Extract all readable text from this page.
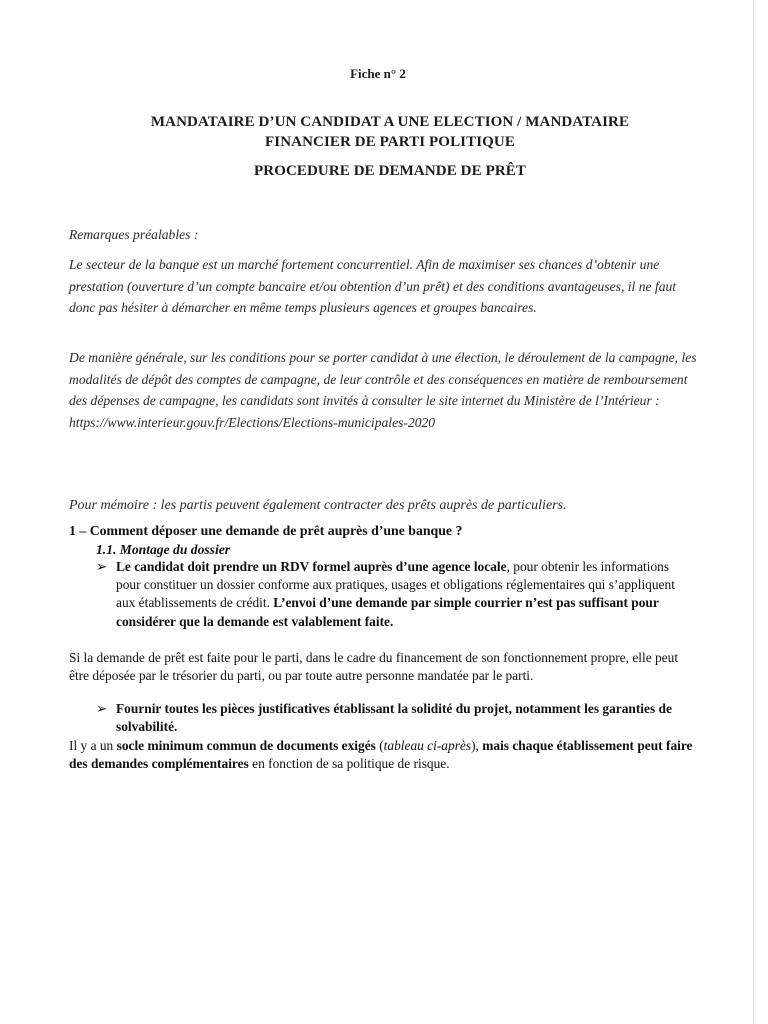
Fiche n° 2
MANDATAIRE D’UN CANDIDAT A UNE ELECTION / MANDATAIRE
FINANCIER DE PARTI POLITIQUE
PROCEDURE DE DEMANDE DE PRÊT
Remarques préalables :
Le secteur de la banque est un marché fortement concurrentiel. Afin de maximiser ses chances d’obtenir une prestation (ouverture d’un compte bancaire et/ou obtention d’un prêt) et des conditions avantageuses, il ne faut donc pas hésiter à démarcher en même temps plusieurs agences et groupes bancaires.
De manière générale, sur les conditions pour se porter candidat à une élection, le déroulement de la campagne, les modalités de dépôt des comptes de campagne, de leur contrôle et des conséquences en matière de remboursement des dépenses de campagne, les candidats sont invités à consulter le site internet du Ministère de l’Intérieur : https://www.interieur.gouv.fr/Elections/Elections-municipales-2020
Pour mémoire : les partis peuvent également contracter des prêts auprès de particuliers.
1 – Comment déposer une demande de prêt auprès d’une banque ?
1.1. Montage du dossier
➢ Le candidat doit prendre un RDV formel auprès d’une agence locale, pour obtenir les informations pour constituer un dossier conforme aux pratiques, usages et obligations réglementaires qui s’appliquent aux établissements de crédit. L’envoi d’une demande par simple courrier n’est pas suffisant pour considérer que la demande est valablement faite.
Si la demande de prêt est faite pour le parti, dans le cadre du financement de son fonctionnement propre, elle peut être déposée par le trésorier du parti, ou par toute autre personne mandatée par le parti.
➢ Fournir toutes les pièces justificatives établissant la solidité du projet, notamment les garanties de solvabilité.
Il y a un socle minimum commun de documents exigés (tableau ci-après), mais chaque établissement peut faire des demandes complémentaires en fonction de sa politique de risque.
